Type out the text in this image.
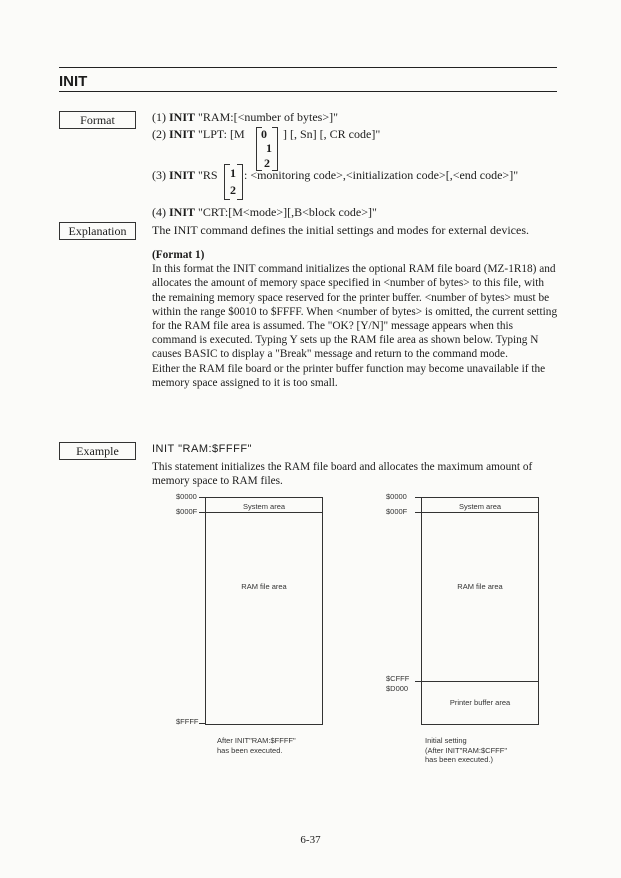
INIT
Format
Explanation
Example
(1) INIT "RAM:[<number of bytes>]"
(2) INIT "LPT: [M 0
1
2
] [, Sn] [, CR code]"
(3) INIT "RS 1
2
: <monitoring code>,<initialization code>[,<end code>]"
(4) INIT "CRT:[M<mode>][,B<block code>]"
The INIT command defines the initial settings and modes for external devices.

(Format 1)

In this format the INIT command initializes the optional RAM file board (MZ-1R18) and allocates the amount of memory space specified in <number of bytes> to this file, with the remaining memory space reserved for the printer buffer. <number of bytes> must be within the range $0010 to $FFFF. When <number of bytes> is omitted, the current setting for the RAM file area is assumed. The "OK? [Y/N]" message appears when this command is executed. Typing Y sets up the RAM file area as shown below. Typing N causes BASIC to display a "Break" message and return to the command mode.

Either the RAM file board or the printer buffer function may become unavailable if the memory space assigned to it is too small.

INIT "RAM:$FFFF"
This statement initializes the RAM file board and allocates the maximum amount of memory space to RAM files.
System area
RAM file area
$0000
$000F
$FFFF
After INIT"RAM:$FFFF"
has been executed.
System area
RAM file area
Printer buffer area
$0000
$000F
$CFFF
$D000
Initial setting
(After INIT"RAM:$CFFF"
has been executed.)
6-37
